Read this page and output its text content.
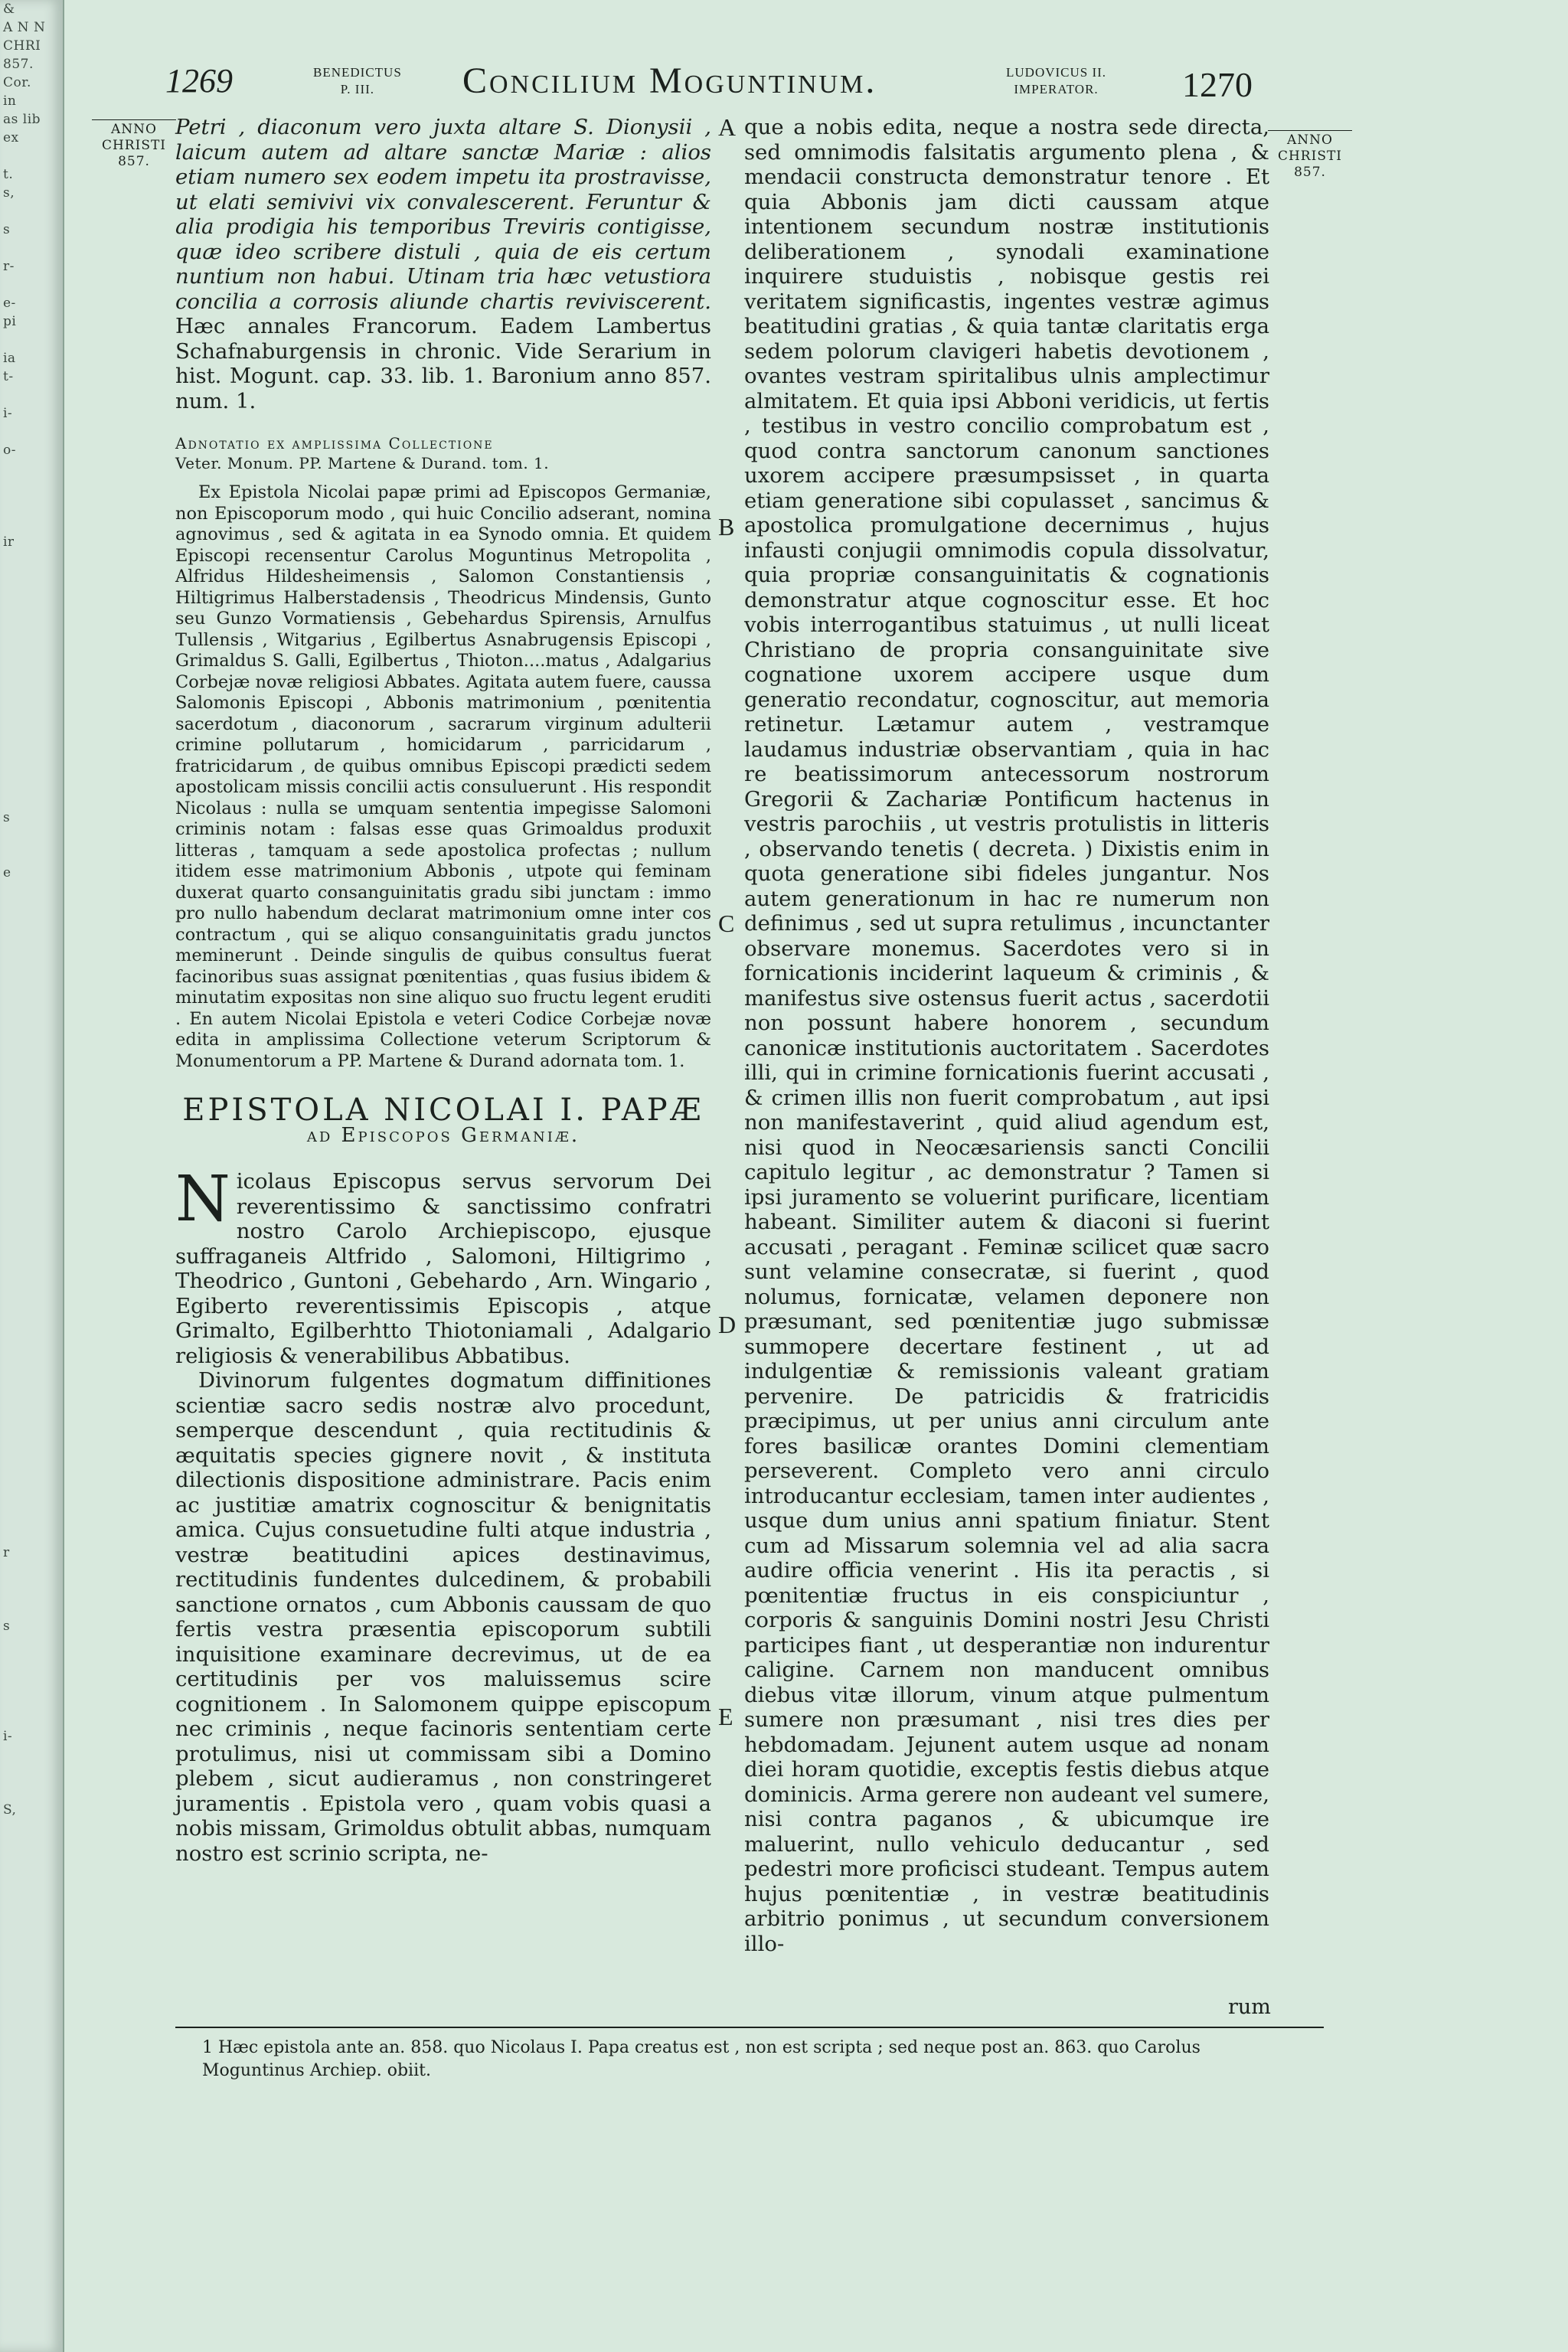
&
A N N
CHRI
857.
Cor.
in
as lib
ex

t.
s,

s

r-

e-
pi

ia
t-

i-

o-

ir

s

e

r

s

i-

S,

1269	BENEDICTUS
P. III.	Concilium Moguntinum.	LUDOVICUS II.
IMPERATOR. 1270
ANNO
CHRISTI
857.
ANNO
CHRISTI
857.
A
B
C
D
E
Petri , diaconum vero juxta altare S. Dionysii , laicum autem ad altare sanctæ Mariæ : alios etiam numero sex eodem impetu ita prostravisse, ut elati semivivi vix convalescerent. Feruntur & alia prodigia his temporibus Treviris contigisse, quæ ideo scribere distuli , quia de eis certum nuntium non habui. Utinam tria hæc vetustiora concilia a corrosis aliunde chartis reviviscerent. Hæc annales Francorum. Eadem Lambertus Schafnaburgensis in chronic. Vide Serarium in hist. Mogunt. cap. 33. lib. 1. Baronium anno 857. num. 1.
Adnotatio ex amplissima Collectione
Veter. Monum. PP. Martene & Durand. tom. 1.
Ex Epistola Nicolai papæ primi ad Episcopos Germaniæ, non Episcoporum modo , qui huic Concilio adserant, nomina agnovimus , sed & agitata in ea Synodo omnia. Et quidem Episcopi recensentur Carolus Moguntinus Metropolita , Alfridus Hildesheimensis , Salomon Constantiensis , Hiltigrimus Halberstadensis , Theodricus Mindensis, Gunto seu Gunzo Vormatiensis , Gebehardus Spirensis, Arnulfus Tullensis , Witgarius , Egilbertus Asnabrugensis Episcopi , Grimaldus S. Galli, Egilbertus , Thioton....matus , Adalgarius Corbejæ novæ religiosi Abbates. Agitata autem fuere, caussa Salomonis Episcopi , Abbonis matrimonium , pœnitentia sacerdotum , diaconorum , sacrarum virginum adulterii crimine pollutarum , homicidarum , parricidarum , fratricidarum , de quibus omnibus Episcopi prædicti sedem apostolicam missis concilii actis consuluerunt . His respondit Nicolaus : nulla se umquam sententia impegisse Salomoni criminis notam : falsas esse quas Grimoaldus produxit litteras , tamquam a sede apostolica profectas ; nullum itidem esse matrimonium Abbonis , utpote qui feminam duxerat quarto consanguinitatis gradu sibi junctam : immo pro nullo habendum declarat matrimonium omne inter cos contractum , qui se aliquo consanguinitatis gradu junctos meminerunt . Deinde singulis de quibus consultus fuerat facinoribus suas assignat pœnitentias , quas fusius ibidem & minutatim expositas non sine aliquo suo fructu legent eruditi . En autem Nicolai Epistola e veteri Codice Corbejæ novæ edita in amplissima Collectione veterum Scriptorum & Monumentorum a PP. Martene & Durand adornata tom. 1.
EPISTOLA NICOLAI I. PAPÆ
ad Episcopos Germaniæ.
N icolaus Episcopus servus servorum Dei reverentissimo & sanctissimo confratri nostro Carolo Archiepiscopo, ejusque suffraganeis Altfrido , Salomoni, Hiltigrimo , Theodrico , Guntoni , Gebehardo , Arn. Wingario , Egiberto reverentissimis Episcopis , atque Grimalto, Egilberhtto Thiotoniamali , Adalgario religiosis & venerabilibus Abbatibus.
Divinorum fulgentes dogmatum diffinitiones scientiæ sacro sedis nostræ alvo procedunt, semperque descendunt , quia rectitudinis & æquitatis species gignere novit , & instituta dilectionis dispositione administrare. Pacis enim ac justitiæ amatrix cognoscitur & benignitatis amica. Cujus consuetudine fulti atque industria , vestræ beatitudini apices destinavimus, rectitudinis fundentes dulcedinem, & probabili sanctione ornatos , cum Abbonis caussam de quo fertis vestra præsentia episcoporum subtili inquisitione examinare decrevimus, ut de ea certitudinis per vos maluissemus scire cognitionem . In Salomonem quippe episcopum nec criminis , neque facinoris sententiam certe protulimus, nisi ut commissam sibi a Domino plebem , sicut audieramus , non constringeret juramentis . Epistola vero , quam vobis quasi a nobis missam, Grimoldus obtulit abbas, numquam nostro est scrinio scripta, ne-
que a nobis edita, neque a nostra sede directa, sed omnimodis falsitatis argumento plena , & mendacii constructa demonstratur tenore . Et quia Abbonis jam dicti caussam atque intentionem secundum nostræ institutionis deliberationem , synodali examinatione inquirere studuistis , nobisque gestis rei veritatem significastis, ingentes vestræ agimus beatitudini gratias , & quia tantæ claritatis erga sedem polorum clavigeri habetis devotionem , ovantes vestram spiritalibus ulnis amplectimur almitatem. Et quia ipsi Abboni veridicis, ut fertis , testibus in vestro concilio comprobatum est , quod contra sanctorum canonum sanctiones uxorem accipere præsumpsisset , in quarta etiam generatione sibi copulasset , sancimus & apostolica promulgatione decernimus , hujus infausti conjugii omnimodis copula dissolvatur, quia propriæ consanguinitatis & cognationis demonstratur atque cognoscitur esse. Et hoc vobis interrogantibus statuimus , ut nulli liceat Christiano de propria consanguinitate sive cognatione uxorem accipere usque dum generatio recondatur, cognoscitur, aut memoria retinetur. Lætamur autem , vestramque laudamus industriæ observantiam , quia in hac re beatissimorum antecessorum nostrorum Gregorii & Zachariæ Pontificum hactenus in vestris parochiis , ut vestris protulistis in litteris , observando tenetis ( decreta. ) Dixistis enim in quota generatione sibi fideles jungantur. Nos autem generationum in hac re numerum non definimus , sed ut supra retulimus , incunctanter observare monemus. Sacerdotes vero si in fornicationis inciderint laqueum & criminis , & manifestus sive ostensus fuerit actus , sacerdotii non possunt habere honorem , secundum canonicæ institutionis auctoritatem . Sacerdotes illi, qui in crimine fornicationis fuerint accusati , & crimen illis non fuerit comprobatum , aut ipsi non manifestaverint , quid aliud agendum est, nisi quod in Neocæsariensis sancti Concilii capitulo legitur , ac demonstratur ? Tamen si ipsi juramento se voluerint purificare, licentiam habeant. Similiter autem & diaconi si fuerint accusati , peragant . Feminæ scilicet quæ sacro sunt velamine consecratæ, si fuerint , quod nolumus, fornicatæ, velamen deponere non præsumant, sed pœnitentiæ jugo submissæ summopere decertare festinent , ut ad indulgentiæ & remissionis valeant gratiam pervenire. De patricidis & fratricidis præcipimus, ut per unius anni circulum ante fores basilicæ orantes Domini clementiam perseverent. Completo vero anni circulo introducantur ecclesiam, tamen inter audientes , usque dum unius anni spatium finiatur. Stent cum ad Missarum solemnia vel ad alia sacra audire officia venerint . His ita peractis , si pœnitentiæ fructus in eis conspiciuntur , corporis & sanguinis Domini nostri Jesu Christi participes fiant , ut desperantiæ non indurentur caligine. Carnem non manducent omnibus diebus vitæ illorum, vinum atque pulmentum sumere non præsumant , nisi tres dies per hebdomadam. Jejunent autem usque ad nonam diei horam quotidie, exceptis festis diebus atque dominicis. Arma gerere non audeant vel sumere, nisi contra paganos , & ubicumque ire maluerint, nullo vehiculo deducantur , sed pedestri more proficisci studeant. Tempus autem hujus pœnitentiæ , in vestræ beatitudinis arbitrio ponimus , ut secundum conversionem illo-
rum
1 Hæc epistola ante an. 858. quo Nicolaus I. Papa creatus est , non est scripta ; sed neque post an. 863. quo Carolus Moguntinus Archiep. obiit.
